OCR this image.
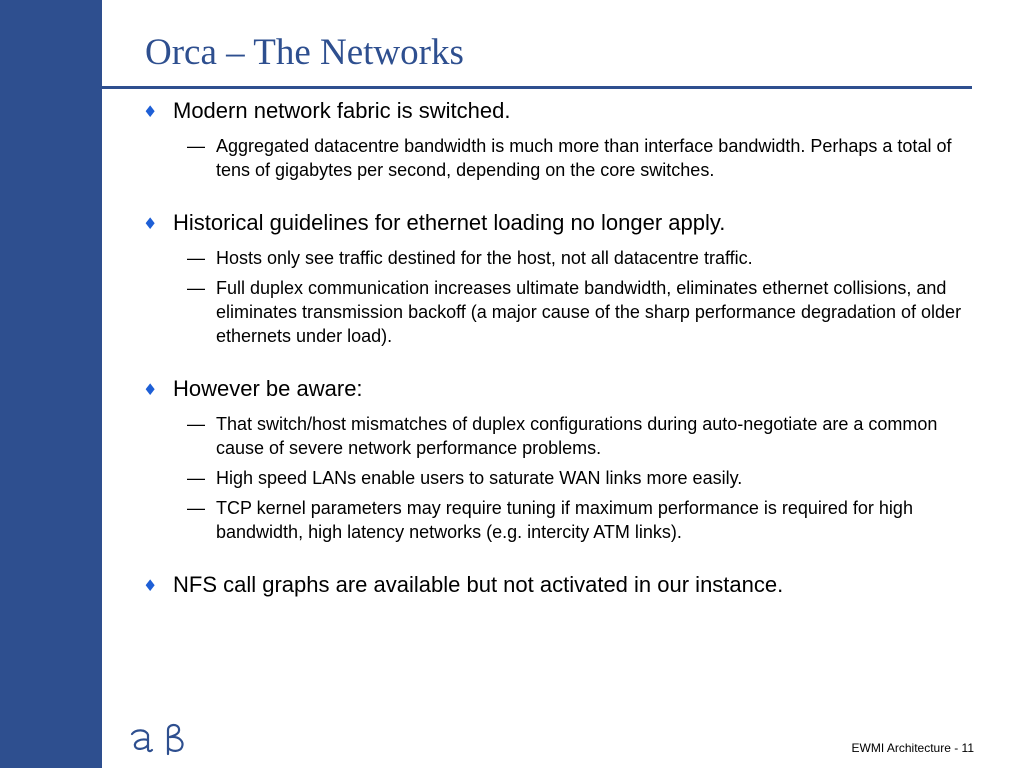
Orca – The Networks
♦ Modern network fabric is switched.
— Aggregated datacentre bandwidth is much more than interface bandwidth. Perhaps a total of tens of gigabytes per second, depending on the core switches.
♦ Historical guidelines for ethernet loading no longer apply.
— Hosts only see traffic destined for the host, not all datacentre traffic.
— Full duplex communication increases ultimate bandwidth, eliminates ethernet collisions, and eliminates transmission backoff (a major cause of the sharp performance degradation of older ethernets under load).
♦ However be aware:
— That switch/host mismatches of duplex configurations during auto-negotiate are a common cause of severe network performance problems.
— High speed LANs enable users to saturate WAN links more easily.
— TCP kernel parameters may require tuning if maximum performance is required for high bandwidth, high latency networks (e.g. intercity ATM links).
♦ NFS call graphs are available but not activated in our instance.
EWMI Architecture - 11
